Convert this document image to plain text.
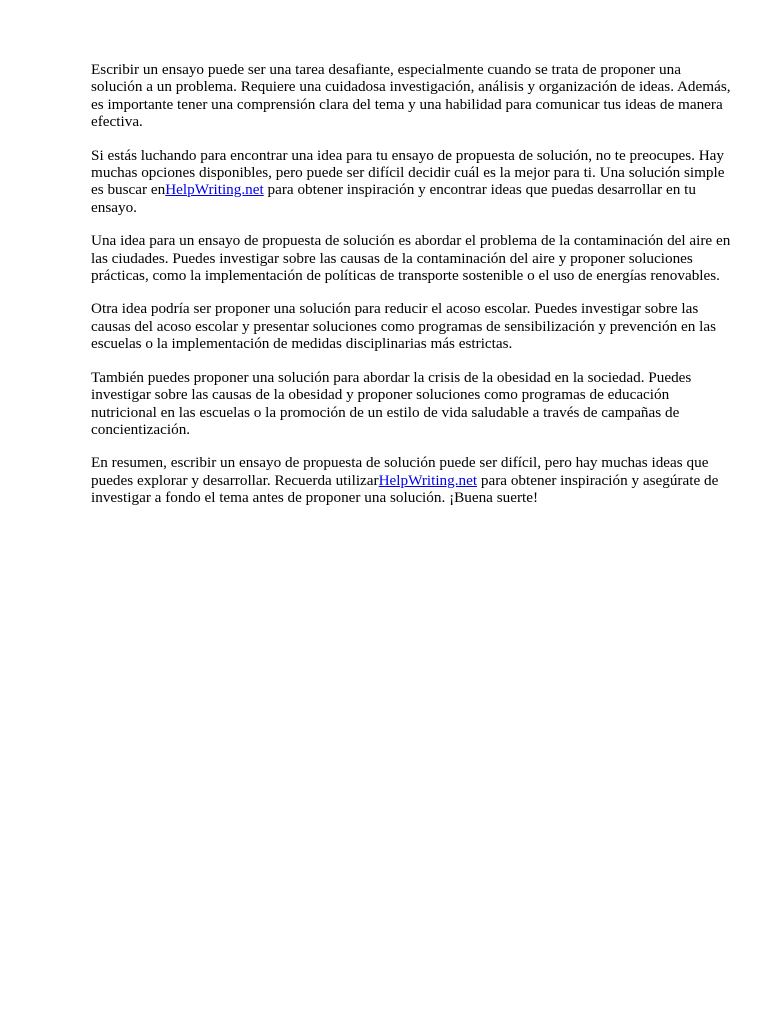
Escribir un ensayo puede ser una tarea desafiante, especialmente cuando se trata de proponer una solución a un problema. Requiere una cuidadosa investigación, análisis y organización de ideas. Además, es importante tener una comprensión clara del tema y una habilidad para comunicar tus ideas de manera efectiva.

Si estás luchando para encontrar una idea para tu ensayo de propuesta de solución, no te preocupes. Hay muchas opciones disponibles, pero puede ser difícil decidir cuál es la mejor para ti. Una solución simple es buscar enHelpWriting.net para obtener inspiración y encontrar ideas que puedas desarrollar en tu ensayo.

Una idea para un ensayo de propuesta de solución es abordar el problema de la contaminación del aire en las ciudades. Puedes investigar sobre las causas de la contaminación del aire y proponer soluciones prácticas, como la implementación de políticas de transporte sostenible o el uso de energías renovables.

Otra idea podría ser proponer una solución para reducir el acoso escolar. Puedes investigar sobre las causas del acoso escolar y presentar soluciones como programas de sensibilización y prevención en las escuelas o la implementación de medidas disciplinarias más estrictas.

También puedes proponer una solución para abordar la crisis de la obesidad en la sociedad. Puedes investigar sobre las causas de la obesidad y proponer soluciones como programas de educación nutricional en las escuelas o la promoción de un estilo de vida saludable a través de campañas de concientización.

En resumen, escribir un ensayo de propuesta de solución puede ser difícil, pero hay muchas ideas que puedes explorar y desarrollar. Recuerda utilizarHelpWriting.net para obtener inspiración y asegúrate de investigar a fondo el tema antes de proponer una solución. ¡Buena suerte!
